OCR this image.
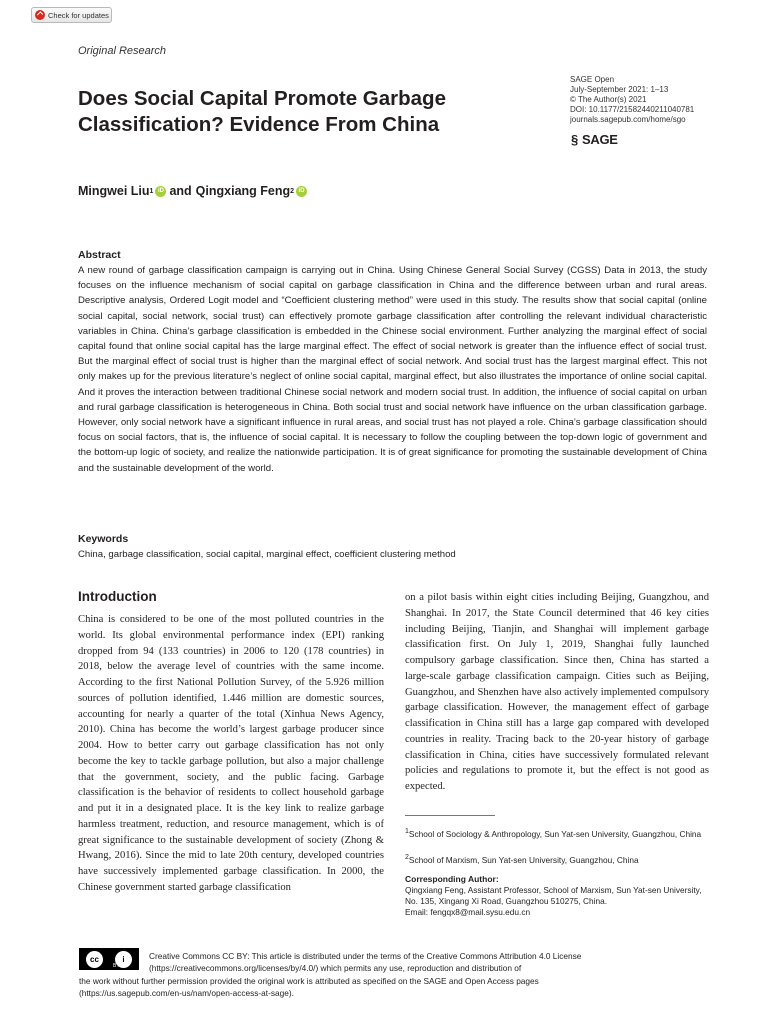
Check for updates
Original Research
Does Social Capital Promote Garbage Classification? Evidence From China
SAGE Open
July-September 2021: 1–13
© The Author(s) 2021
DOI: 10.1177/21582440211040781
journals.sagepub.com/home/sgo
§ SAGE
Mingwei Liu 1 iD and Qingxiang Feng 2 iD
Abstract
A new round of garbage classification campaign is carrying out in China. Using Chinese General Social Survey (CGSS) Data in 2013, the study focuses on the influence mechanism of social capital on garbage classification in China and the difference between urban and rural areas. Descriptive analysis, Ordered Logit model and “Coefficient clustering method” were used in this study. The results show that social capital (online social capital, social network, social trust) can effectively promote garbage classification after controlling the relevant individual characteristic variables in China. China’s garbage classification is embedded in the Chinese social environment. Further analyzing the marginal effect of social capital found that online social capital has the large marginal effect. The effect of social network is greater than the influence effect of social trust. But the marginal effect of social trust is higher than the marginal effect of social network. And social trust has the largest marginal effect. This not only makes up for the previous literature’s neglect of online social capital, marginal effect, but also illustrates the importance of online social capital. And it proves the interaction between traditional Chinese social network and modern social trust. In addition, the influence of social capital on urban and rural garbage classification is heterogeneous in China. Both social trust and social network have influence on the urban classification garbage. However, only social network have a significant influence in rural areas, and social trust has not played a role. China’s garbage classification should focus on social factors, that is, the influence of social capital. It is necessary to follow the coupling between the top-down logic of government and the bottom-up logic of society, and realize the nationwide participation. It is of great significance for promoting the sustainable development of China and the sustainable development of the world.
Keywords
China, garbage classification, social capital, marginal effect, coefficient clustering method
Introduction
China is considered to be one of the most polluted countries in the world. Its global environmental performance index (EPI) ranking dropped from 94 (133 countries) in 2006 to 120 (178 countries) in 2018, below the average level of countries with the same income. According to the first National Pollution Survey, of the 5.926 million sources of pollution identified, 1.446 million are domestic sources, accounting for nearly a quarter of the total (Xinhua News Agency, 2010). China has become the world’s largest garbage producer since 2004. How to better carry out garbage classification has not only become the key to tackle garbage pollution, but also a major challenge that the government, society, and the public facing. Garbage classification is the behavior of residents to collect household garbage and put it in a designated place. It is the key link to realize garbage harmless treatment, reduction, and resource management, which is of great significance to the sustainable development of society (Zhong & Hwang, 2016). Since the mid to late 20th century, developed countries have successively implemented garbage classification. In 2000, the Chinese government started garbage classification
on a pilot basis within eight cities including Beijing, Guangzhou, and Shanghai. In 2017, the State Council determined that 46 key cities including Beijing, Tianjin, and Shanghai will implement garbage classification first. On July 1, 2019, Shanghai fully launched compulsory garbage classification. Since then, China has started a large-scale garbage classification campaign. Cities such as Beijing, Guangzhou, and Shenzhen have also actively implemented compulsory garbage classification. However, the management effect of garbage classification in China still has a large gap compared with developed countries in reality. Tracing back to the 20-year history of garbage classification in China, cities have successively formulated relevant policies and regulations to promote it, but the effect is not good as expected.
$^1$School of Sociology & Anthropology, Sun Yat-sen University, Guangzhou, China
$^2$School of Marxism, Sun Yat-sen University, Guangzhou, China
Corresponding Author:
Qingxiang Feng, Assistant Professor, School of Marxism, Sun Yat-sen University, No. 135, Xingang Xi Road, Guangzhou 510275, China.
Email: fengqx8@mail.sysu.edu.cn
cc	i
BY
Creative Commons CC BY: This article is distributed under the terms of the Creative Commons Attribution 4.0 License
(https://creativecommons.org/licenses/by/4.0/) which permits any use, reproduction and distribution of
the work without further permission provided the original work is attributed as specified on the SAGE and Open Access pages
(https://us.sagepub.com/en-us/nam/open-access-at-sage).
